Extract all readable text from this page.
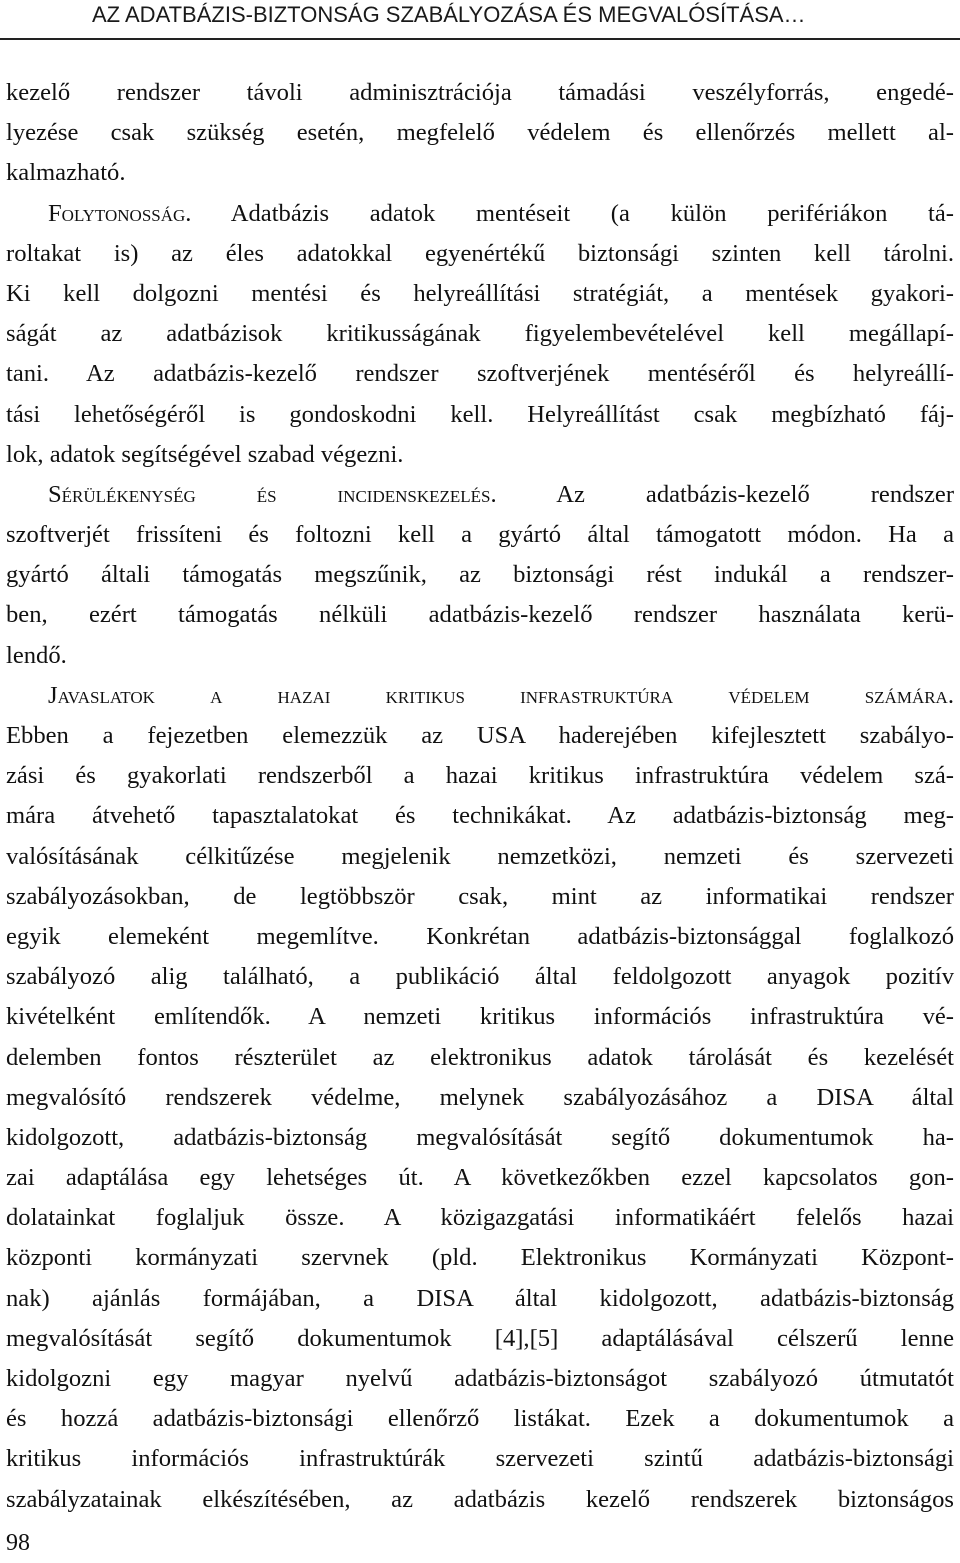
AZ ADATBÁZIS-BIZTONSÁG SZABÁLYOZÁSA ÉS MEGVALÓSÍTÁSA…
kezelő rendszer távoli adminisztrációja támadási veszélyforrás, engedé-
lyezése csak szükség esetén, megfelelő védelem és ellenőrzés mellett al-
kalmazható.
Folytonosság. Adatbázis adatok mentéseit (a külön perifériákon tá-
roltakat is) az éles adatokkal egyenértékű biztonsági szinten kell tárolni.
Ki kell dolgozni mentési és helyreállítási stratégiát, a mentések gyakori-
ságát az adatbázisok kritikusságának figyelembevételével kell megállapí-
tani. Az adatbázis-kezelő rendszer szoftverjének mentéséről és helyreállí-
tási lehetőségéről is gondoskodni kell. Helyreállítást csak megbízható fáj-
lok, adatok segítségével szabad végezni.
Sérülékenység és incidenskezelés. Az adatbázis-kezelő rendszer
szoftverjét frissíteni és foltozni kell a gyártó által támogatott módon. Ha a
gyártó általi támogatás megszűnik, az biztonsági rést indukál a rendszer-
ben, ezért támogatás nélküli adatbázis-kezelő rendszer használata kerü-
lendő.
Javaslatok a hazai kritikus infrastruktúra védelem számára.
Ebben a fejezetben elemezzük az USA haderejében kifejlesztett szabályo-
zási és gyakorlati rendszerből a hazai kritikus infrastruktúra védelem szá-
mára átvehető tapasztalatokat és technikákat. Az adatbázis-biztonság meg-
valósításának célkitűzése megjelenik nemzetközi, nemzeti és szervezeti
szabályozásokban, de legtöbbször csak, mint az informatikai rendszer
egyik elemeként megemlítve. Konkrétan adatbázis-biztonsággal foglalkozó
szabályozó alig található, a publikáció által feldolgozott anyagok pozitív
kivételként említendők. A nemzeti kritikus információs infrastruktúra vé-
delemben fontos részterület az elektronikus adatok tárolását és kezelését
megvalósító rendszerek védelme, melynek szabályozásához a DISA által
kidolgozott, adatbázis-biztonság megvalósítását segítő dokumentumok ha-
zai adaptálása egy lehetséges út. A következőkben ezzel kapcsolatos gon-
dolatainkat foglaljuk össze. A közigazgatási informatikáért felelős hazai
központi kormányzati szervnek (pld. Elektronikus Kormányzati Központ-
nak) ajánlás formájában, a DISA által kidolgozott, adatbázis-biztonság
megvalósítását segítő dokumentumok [4],[5] adaptálásával célszerű lenne
kidolgozni egy magyar nyelvű adatbázis-biztonságot szabályozó útmutatót
és hozzá adatbázis-biztonsági ellenőrző listákat. Ezek a dokumentumok a
kritikus információs infrastruktúrák szervezeti szintű adatbázis-biztonsági
szabályzatainak elkészítésében, az adatbázis kezelő rendszerek biztonságos
98
